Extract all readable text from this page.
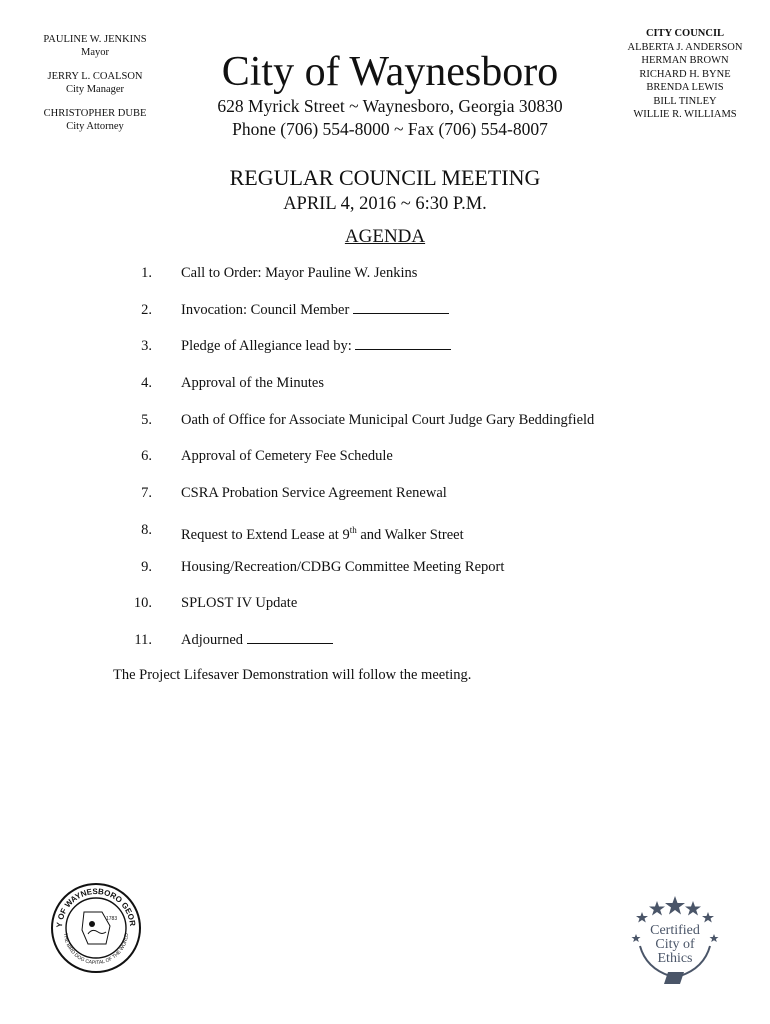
PAULINE W. JENKINS
Mayor
JERRY L. COALSON
City Manager
CHRISTOPHER DUBE
City Attorney
CITY COUNCIL
ALBERTA J. ANDERSON
HERMAN BROWN
RICHARD H. BYNE
BRENDA LEWIS
BILL TINLEY
WILLIE R. WILLIAMS
City of Waynesboro
628 Myrick Street ~ Waynesboro, Georgia 30830
Phone (706) 554-8000 ~ Fax (706) 554-8007
REGULAR COUNCIL MEETING
APRIL 4, 2016 ~ 6:30 P.M.
AGENDA
1.	Call to Order: Mayor Pauline W. Jenkins
2.	Invocation: Council Member
3.	Pledge of Allegiance lead by:
4.	Approval of the Minutes
5.	Oath of Office for Associate Municipal Court Judge Gary Beddingfield
6.	Approval of Cemetery Fee Schedule
7.	CSRA Probation Service Agreement Renewal
8.	Request to Extend Lease at 9th and Walker Street
9.	Housing/Recreation/CDBG Committee Meeting Report
10.	SPLOST IV Update
11.	Adjourned
The Project Lifesaver Demonstration will follow the meeting.
Y OF WAYNESBORO GEOR
THE BIRD DOG CAPITAL OF THE WORLD
1783
Certified
City of
Ethics
